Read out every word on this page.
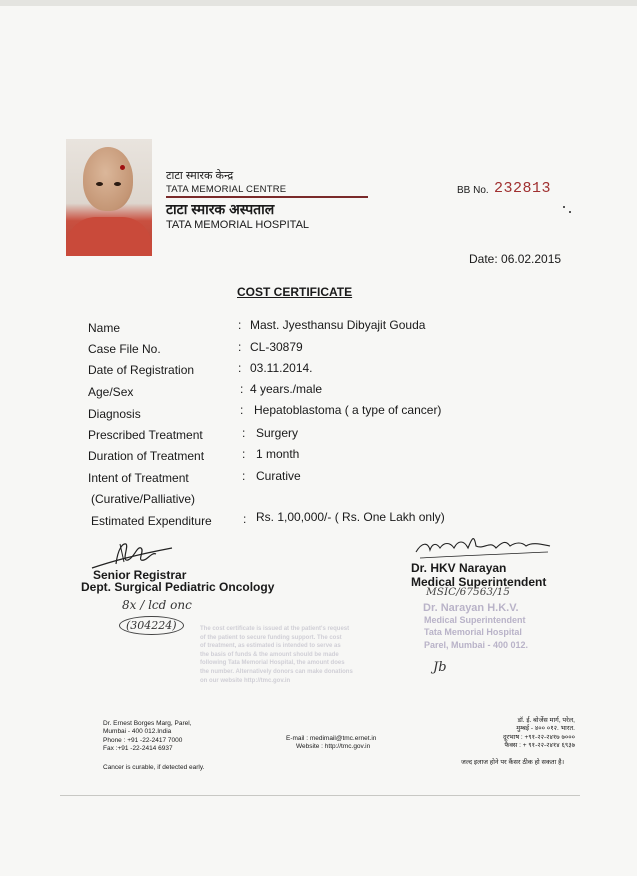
टाटा स्मारक केन्द्र
TATA MEMORIAL CENTRE
टाटा स्मारक अस्पताल
TATA MEMORIAL HOSPITAL
BB No. 232813
Date: 06.02.2015
COST CERTIFICATE
Name	: Mast. Jyesthansu Dibyajit Gouda
Case File No.	: CL-30879
Date of Registration	: 03.11.2014.
Age/Sex	: 4 years./male
Diagnosis	: Hepatoblastoma ( a type of cancer)
Prescribed Treatment	: Surgery
Duration of Treatment	: 1 month
Intent of Treatment	: Curative
(Curative/Palliative)
Estimated Expenditure	: Rs. 1,00,000/- ( Rs. One Lakh only)
Senior Registrar
Dept. Surgical Pediatric Oncology
Dr. HKV Narayan
Medical Superintendent
8x / lcd onc
(304224)
MSIC/67563/15
Dr. Narayan H.K.V.
Medical Superintendent
Tata Memorial Hospital
Parel, Mumbai - 400 012.
Jb
The cost certificate is issued at the patient's request
of the patient to secure funding support. The cost
of treatment, as estimated is intended to serve as
the basis of funds & the amount should be made
following Tata Memorial Hospital, the amount does
the number. Alternatively donors can make donations
on our website http://tmc.gov.in
Dr. Ernest Borges Marg, Parel,
Mumbai - 400 012.India
Phone : +91 -22-2417 7000
Fax :+91 -22-2414 6937
Cancer is curable, if detected early.
E-mail : medimail@tmc.ernet.in
Website : http://tmc.gov.in
डॉ. ई. बोर्जेस मार्ग, परेल,
मुम्बई - ४०० ०१२. भारत.
दूरभाष : +९१-२२-२४१७ ७०००
फैक्स : + ९१-२२-२४१४ ६९३७
जल्द इलाज होने पर कैंसर ठीक हो सकता है।
